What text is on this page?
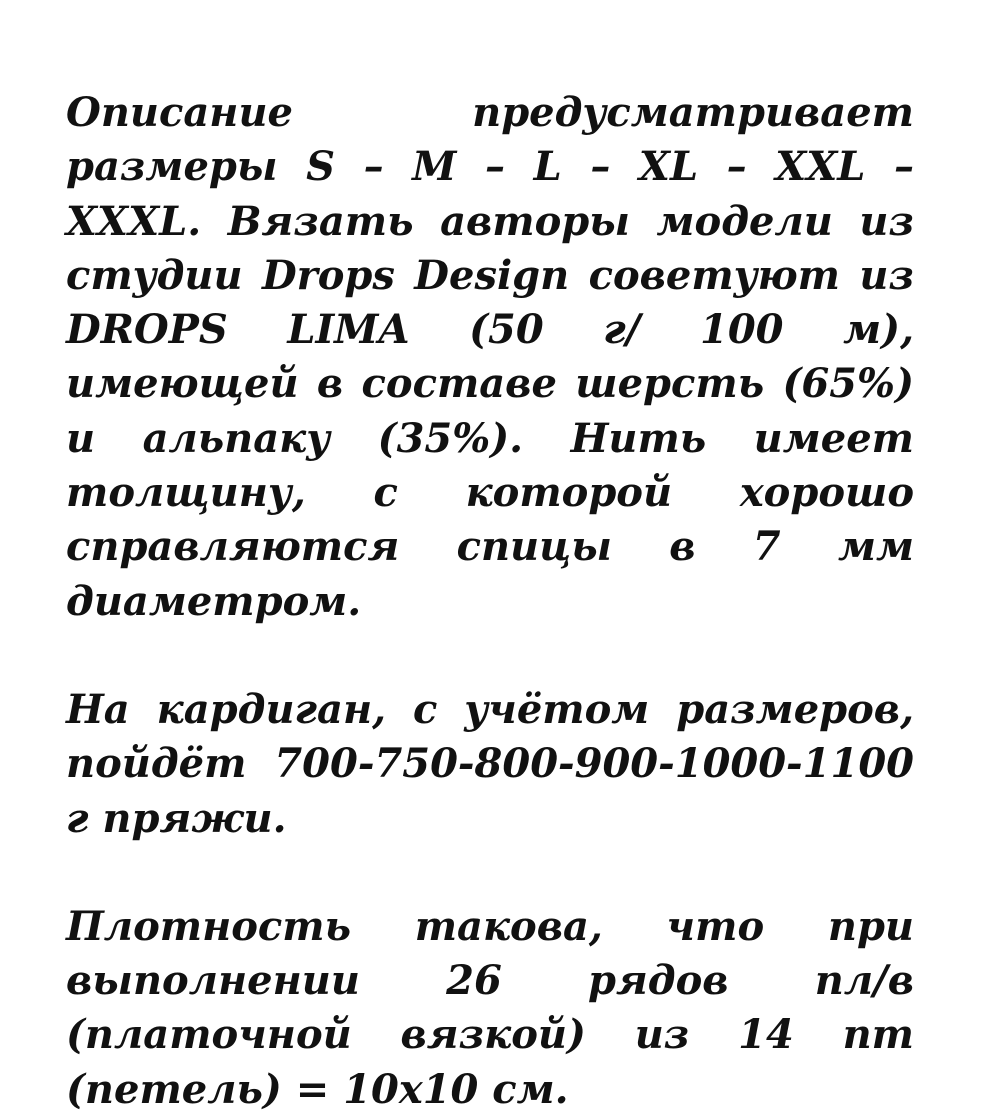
Описание предусматривает размеры S – M – L – XL – XXL – XXXL. Вязать авторы модели из студии Drops Design советуют из DROPS LIMA (50 г/ 100 м), имеющей в составе шерсть (65%) и альпаку (35%). Нить имеет толщину, с которой хорошо справляются спицы в 7 мм диаметром.

На кардиган, с учётом размеров, пойдёт 700-750-800-900-1000-1100 г пряжи.

Плотность такова, что при выполнении 26 рядов пл/в (платочной вязкой) из 14 пт (петель) = 10х10 см.
